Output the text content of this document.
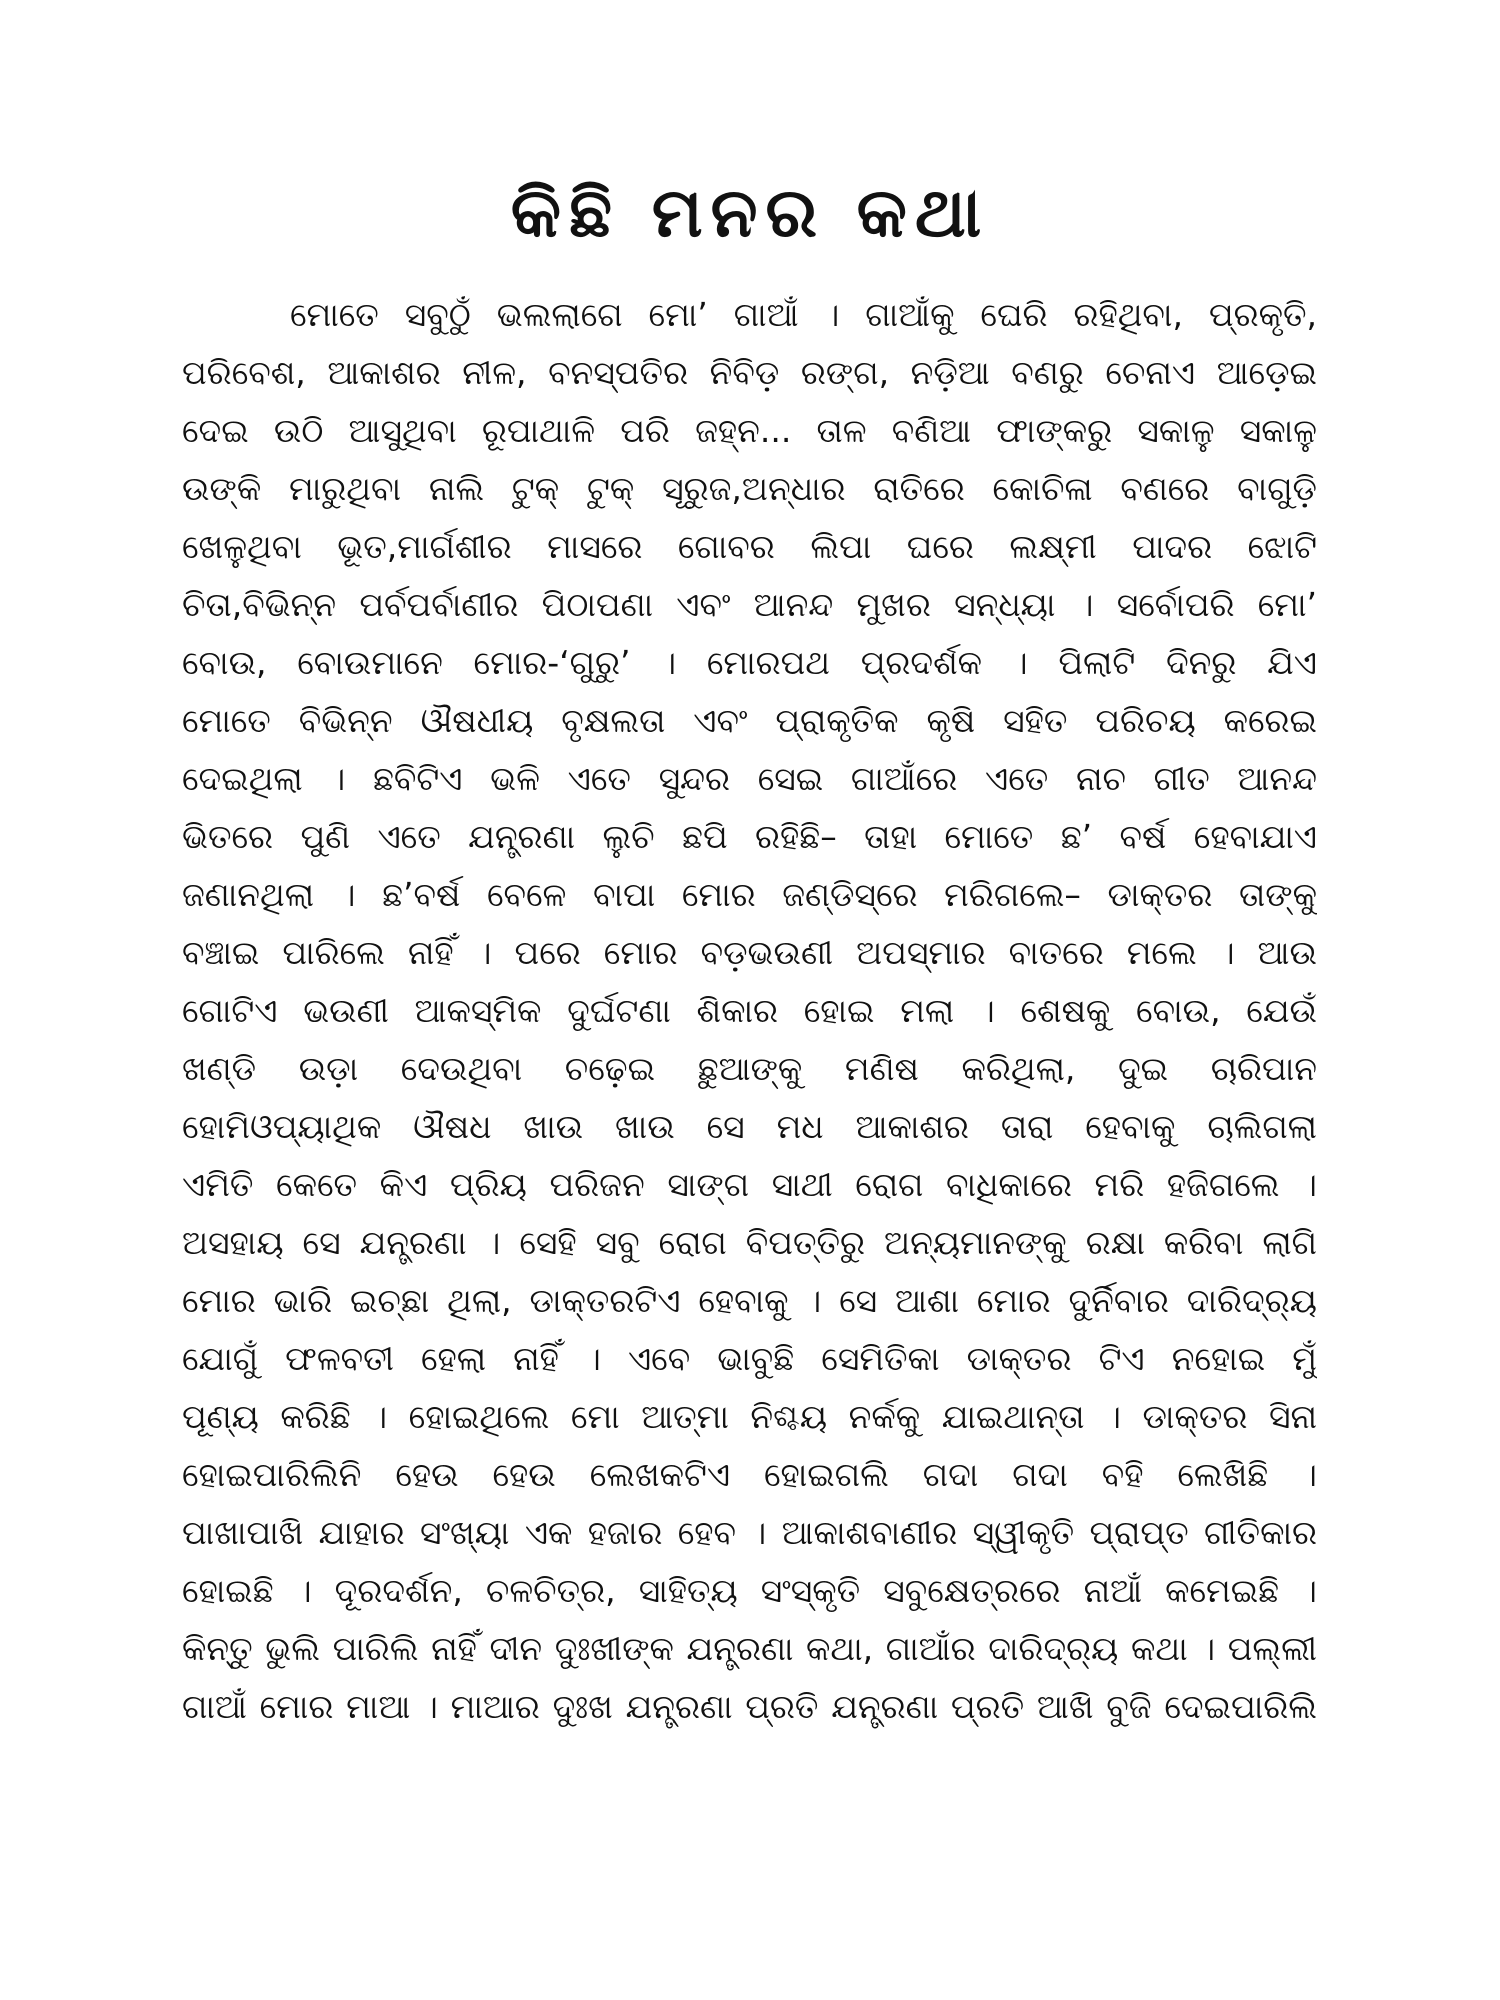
କିଛି ମନର କଥା
ମୋତେ ସବୁଠୁଁ ଭଲଲାଗେ ମୋ’ ଗାଆଁ । ଗାଆଁକୁ ଘେରି ରହିଥିବା, ପ୍ରକୃତି,
ପରିବେଶ, ଆକାଶର ନୀଳ, ବନସ୍ପତିର ନିବିଡ଼ ରଙ୍ଗ, ନଡ଼ିଆ ବଣରୁ ଚେନାଏ ଆଡ଼େଇ
ଦେଇ ଉଠି ଆସୁଥିବା ରୂପାଥାଳି ପରି ଜହ୍ନ... ତାଳ ବଣିଆ ଫାଙ୍କରୁ ସକାଳୁ ସକାଳୁ
ଉଙ୍କି ମାରୁଥିବା ନାଲି ଟୁକ୍ ଟୁକ୍ ସୂରୁଜ,ଅନ୍ଧାର ରାତିରେ କୋଚିଳା ବଣରେ ବାଗୁଡ଼ି
ଖେଳୁଥିବା ଭୂତ,ମାର୍ଗଶୀର ମାସରେ ଗୋବର ଲିପା ଘରେ ଲକ୍ଷ୍ମୀ ପାଦର ଝୋଟି
ଚିତା,ବିଭିନ୍ନ ପର୍ବପର୍ବାଣୀର ପିଠାପଣା ଏବଂ ଆନନ୍ଦ ମୁଖର ସନ୍ଧ୍ୟା । ସର୍ବୋପରି ମୋ’
ବୋଉ, ବୋଉମାନେ ମୋର-‘ଗୁରୁ’ । ମୋରପଥ ପ୍ରଦର୍ଶକ । ପିଲାଟି ଦିନରୁ ଯିଏ
ମୋତେ ବିଭିନ୍ନ ଔଷଧୀୟ ବୃକ୍ଷଲତା ଏବଂ ପ୍ରାକୃତିକ କୃଷି ସହିତ ପରିଚୟ କରେଇ
ଦେଇଥିଲା । ଛବିଟିଏ ଭଳି ଏତେ ସୁନ୍ଦର ସେଇ ଗାଆଁରେ ଏତେ ନାଚ ଗୀତ ଆନନ୍ଦ
ଭିତରେ ପୁଣି ଏତେ ଯନ୍ତ୍ରଣା ଲୁଚି ଛପି ରହିଛି– ତାହା ମୋତେ ଛ’ ବର୍ଷ ହେବାଯାଏ
ଜଣାନଥିଲା । ଛ’ବର୍ଷ ବେଳେ ବାପା ମୋର ଜଣ୍ଡିସ୍‌ରେ ମରିଗଲେ– ଡାକ୍ତର ତାଙ୍କୁ
ବଞ୍ଚାଇ ପାରିଲେ ନାହିଁ । ପରେ ମୋର ବଡ଼ଭଉଣୀ ଅପସ୍ମାର ବାତରେ ମଲେ । ଆଉ
ଗୋଟିଏ ଭଉଣୀ ଆକସ୍ମିକ ଦୁର୍ଘଟଣା ଶିକାର ହୋଇ ମଲା । ଶେଷକୁ ବୋଉ, ଯେଉଁ
ଖଣ୍ଡି ଉଡ଼ା ଦେଉଥିବା ଚଢ଼େଇ ଛୁଆଙ୍କୁ ମଣିଷ କରିଥିଲା, ଦୁଇ ଚାରିପାନ
ହୋମିଓପ୍ୟାଥିକ ଔଷଧ ଖାଉ ଖାଉ ସେ ମଧ ଆକାଶର ତାରା ହେବାକୁ ଚାଲିଗଲା
ଏମିତି କେତେ କିଏ ପ୍ରିୟ ପରିଜନ ସାଙ୍ଗ ସାଥୀ ରୋଗ ବାଧିକାରେ ମରି ହଜିଗଲେ ।
ଅସହାୟ ସେ ଯନ୍ତ୍ରଣା । ସେହି ସବୁ ରୋଗ ବିପତ୍ତିରୁ ଅନ୍ୟମାନଙ୍କୁ ରକ୍ଷା କରିବା ଲାଗି
ମୋର ଭାରି ଇଚ୍ଛା ଥିଲା, ଡାକ୍ତରଟିଏ ହେବାକୁ । ସେ ଆଶା ମୋର ଦୁର୍ନିବାର ଦାରିଦ୍ର୍ୟ
ଯୋଗୁଁ ଫଳବତୀ ହେଲା ନାହିଁ । ଏବେ ଭାବୁଛି ସେମିତିକା ଡାକ୍ତର ଟିଏ ନହୋଇ ମୁଁ
ପୂଣ୍ୟ କରିଛି । ହୋଇଥିଲେ ମୋ ଆତ୍ମା ନିଶ୍ଚୟ ନର୍କକୁ ଯାଇଥାନ୍ତା । ଡାକ୍ତର ସିନା
ହୋଇପାରିଲିନି ହେଉ ହେଉ ଲେଖକଟିଏ ହୋଇଗଲି ଗଦା ଗଦା ବହି ଲେଖିଛି ।
ପାଖାପାଖି ଯାହାର ସଂଖ୍ୟା ଏକ ହଜାର ହେବ । ଆକାଶବାଣୀର ସ୍ୱୀକୃତି ପ୍ରାପ୍ତ ଗୀତିକାର
ହୋଇଛି । ଦୂରଦର୍ଶନ, ଚଳଚିତ୍ର, ସାହିତ୍ୟ ସଂସ୍କୃତି ସବୁକ୍ଷେତ୍ରରେ ନାଆଁ କମେଇଛି ।
କିନ୍ତୁ ଭୁଲି ପାରିଲି ନାହିଁ ଦୀନ ଦୁଃଖୀଙ୍କ ଯନ୍ତ୍ରଣା କଥା, ଗାଆଁର ଦାରିଦ୍ର୍ୟ କଥା । ପଲ୍ଲୀ
ଗାଆଁ ମୋର ମାଆ । ମାଆର ଦୁଃଖ ଯନ୍ତ୍ରଣା ପ୍ରତି ଯନ୍ତ୍ରଣା ପ୍ରତି ଆଖି ବୁଜି ଦେଇପାରିଲି
